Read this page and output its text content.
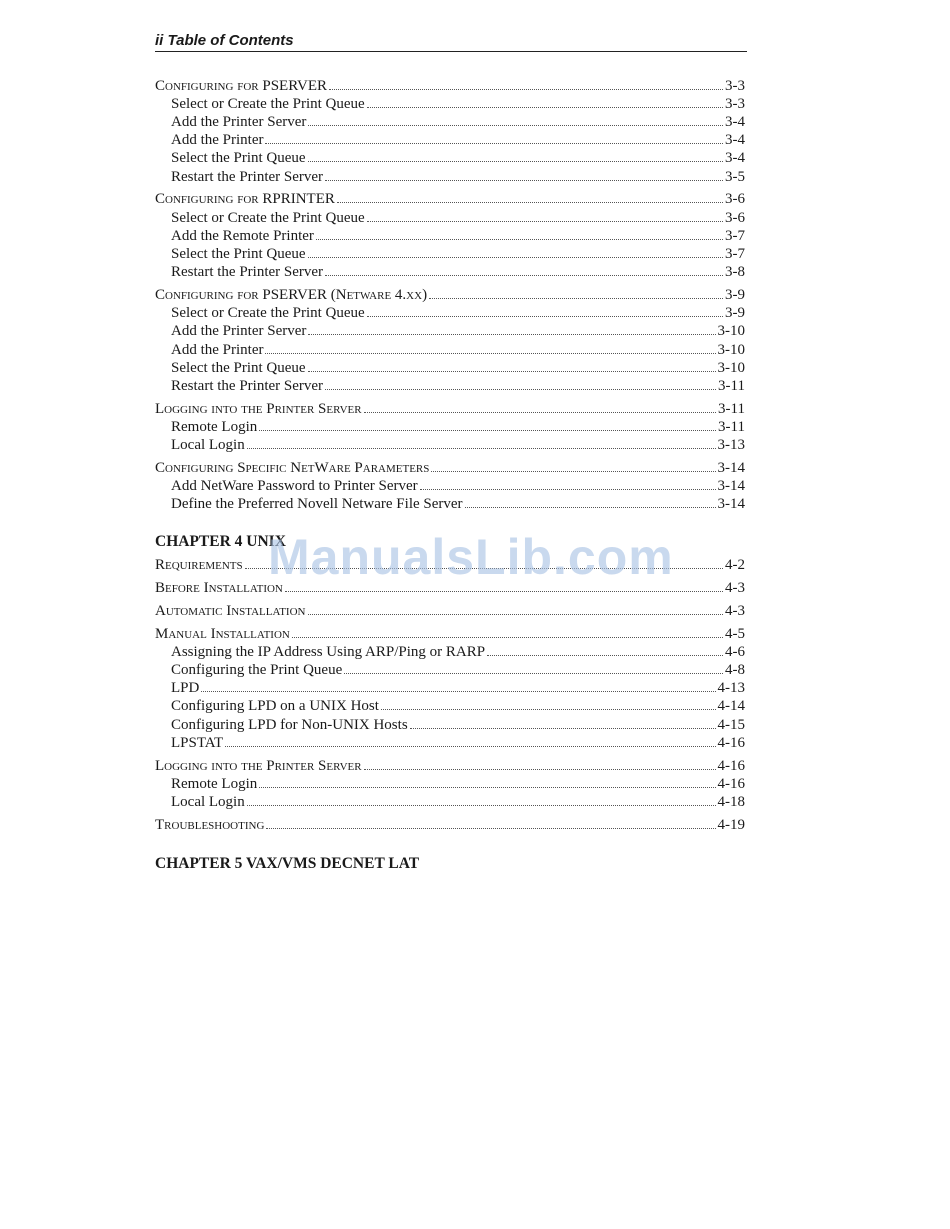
ii Table of Contents
Configuring for PSERVER	3-3
Select or Create the Print Queue	3-3
Add the Printer Server	3-4
Add the Printer	3-4
Select the Print Queue	3-4
Restart the Printer Server	3-5
Configuring for RPRINTER	3-6
Select or Create the Print Queue	3-6
Add the Remote Printer	3-7
Select the Print Queue	3-7
Restart the Printer Server	3-8
Configuring for PSERVER (Netware 4.xx)	3-9
Select or Create the Print Queue	3-9
Add the Printer Server	3-10
Add the Printer	3-10
Select the Print Queue	3-10
Restart the Printer Server	3-11
Logging into the Printer Server	3-11
Remote Login	3-11
Local Login	3-13
Configuring Specific NetWare Parameters	3-14
Add NetWare Password to Printer Server	3-14
Define the Preferred Novell Netware File Server	3-14
CHAPTER 4 UNIX
Requirements	4-2
Before Installation	4-3
Automatic Installation	4-3
Manual Installation	4-5
Assigning the IP Address Using ARP/Ping or RARP	4-6
Configuring the Print Queue	4-8
LPD	4-13
Configuring LPD on a UNIX Host	4-14
Configuring LPD for Non-UNIX Hosts	4-15
LPSTAT	4-16
Logging into the Printer Server	4-16
Remote Login	4-16
Local Login	4-18
Troubleshooting	4-19
CHAPTER 5 VAX/VMS DECNET LAT
ManualsLib.com
